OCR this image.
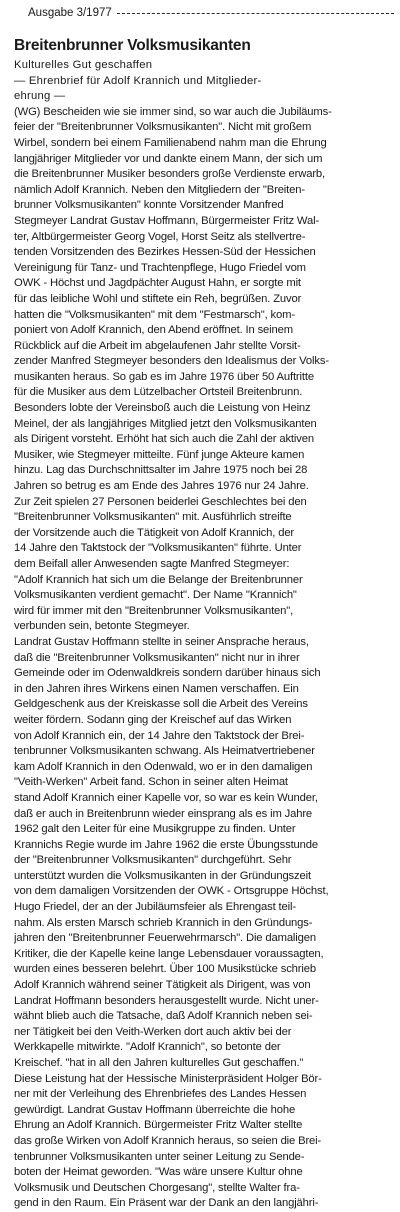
Ausgabe 3/1977
Breitenbrunner Volksmusikanten
Kulturelles Gut geschaffen
— Ehrenbrief für Adolf Krannich und Mitglieder-
ehrung —
(WG) Bescheiden wie sie immer sind, so war auch die Jubiläums-
feier der "Breitenbrunner Volksmusikanten". Nicht mit großem
Wirbel, sondern bei einem Familienabend nahm man die Ehrung
langjähriger Mitglieder vor und dankte einem Mann, der sich um
die Breitenbrunner Musiker besonders große Verdienste erwarb,
nämlich Adolf Krannich. Neben den Mitgliedern der "Breiten-
brunner Volksmusikanten" konnte Vorsitzender Manfred
Stegmeyer Landrat Gustav Hoffmann, Bürgermeister Fritz Wal-
ter, Altbürgermeister Georg Vogel, Horst Seitz als stellvertre-
tenden Vorsitzenden des Bezirkes Hessen-Süd der Hessichen
Vereinigung für Tanz- und Trachtenpflege, Hugo Friedel vom
OWK - Höchst und Jagdpächter August Hahn, er sorgte mit
für das leibliche Wohl und stiftete ein Reh, begrüßen. Zuvor
hatten die "Volksmusikanten" mit dem "Festmarsch", kom-
poniert von Adolf Krannich, den Abend eröffnet. In seinem
Rückblick auf die Arbeit im abgelaufenen Jahr stellte Vorsit-
zender Manfred Stegmeyer besonders den Idealismus der Volks-
musikanten heraus. So gab es im Jahre 1976 über 50 Auftritte
für die Musiker aus dem Lützelbacher Ortsteil Breitenbrunn.
Besonders lobte der Vereinsboß auch die Leistung von Heinz
Meinel, der als langjähriges Mitglied jetzt den Volksmusikanten
als Dirigent vorsteht. Erhöht hat sich auch die Zahl der aktiven
Musiker, wie Stegmeyer mitteilte. Fünf junge Akteure kamen
hinzu. Lag das Durchschnittsalter im Jahre 1975 noch bei 28
Jahren so betrug es am Ende des Jahres 1976 nur 24 Jahre.
Zur Zeit spielen 27 Personen beiderlei Geschlechtes bei den
"Breitenbrunner Volksmusikanten" mit. Ausführlich streifte
der Vorsitzende auch die Tätigkeit von Adolf Krannich, der
14 Jahre den Taktstock der "Volksmusikanten" führte. Unter
dem Beifall aller Anwesenden sagte Manfred Stegmeyer:
"Adolf Krannich hat sich um die Belange der Breitenbrunner
Volksmusikanten verdient gemacht". Der Name "Krannich"
wird für immer mit den "Breitenbrunner Volksmusikanten",
verbunden sein, betonte Stegmeyer.
Landrat Gustav Hoffmann stellte in seiner Ansprache heraus,
daß die "Breitenbrunner Volksmusikanten" nicht nur in ihrer
Gemeinde oder im Odenwaldkreis sondern darüber hinaus sich
in den Jahren ihres Wirkens einen Namen verschaffen. Ein
Geldgeschenk aus der Kreiskasse soll die Arbeit des Vereins
weiter fördern. Sodann ging der Kreischef auf das Wirken
von Adolf Krannich ein, der 14 Jahre den Taktstock der Brei-
tenbrunner Volksmusikanten schwang. Als Heimatvertriebener
kam Adolf Krannich in den Odenwald, wo er in den damaligen
"Veith-Werken" Arbeit fand. Schon in seiner alten Heimat
stand Adolf Krannich einer Kapelle vor, so war es kein Wunder,
daß er auch in Breitenbrunn wieder einsprang als es im Jahre
1962 galt den Leiter für eine Musikgruppe zu finden. Unter
Krannichs Regie wurde im Jahre 1962 die erste Übungsstunde
der "Breitenbrunner Volksmusikanten" durchgeführt. Sehr
unterstützt wurden die Volksmusikanten in der Gründungszeit
von dem damaligen Vorsitzenden der OWK - Ortsgruppe Höchst,
Hugo Friedel, der an der Jubiläumsfeier als Ehrengast teil-
nahm. Als ersten Marsch schrieb Krannich in den Gründungs-
jahren den "Breitenbrunner Feuerwehrmarsch". Die damaligen
Kritiker, die der Kapelle keine lange Lebensdauer voraussagten,
wurden eines besseren belehrt. Über 100 Musikstücke schrieb
Adolf Krannich während seiner Tätigkeit als Dirigent, was von
Landrat Hoffmann besonders herausgestellt wurde. Nicht uner-
wähnt blieb auch die Tatsache, daß Adolf Krannich neben sei-
ner Tätigkeit bei den Veith-Werken dort auch aktiv bei der
Werkkapelle mitwirkte. "Adolf Krannich", so betonte der
Kreischef. "hat in all den Jahren kulturelles Gut geschaffen."
Diese Leistung hat der Hessische Ministerpräsident Holger Bör-
ner mit der Verleihung des Ehrenbriefes des Landes Hessen
gewürdigt. Landrat Gustav Hoffmann überreichte die hohe
Ehrung an Adolf Krannich. Bürgermeister Fritz Walter stellte
das große Wirken von Adolf Krannich heraus, so seien die Brei-
tenbrunner Volksmusikanten unter seiner Leitung zu Sende-
boten der Heimat geworden. "Was wäre unsere Kultur ohne
Volksmusik und Deutschen Chorgesang", stellte Walter fra-
gend in den Raum. Ein Präsent war der Dank an den langjähri-
